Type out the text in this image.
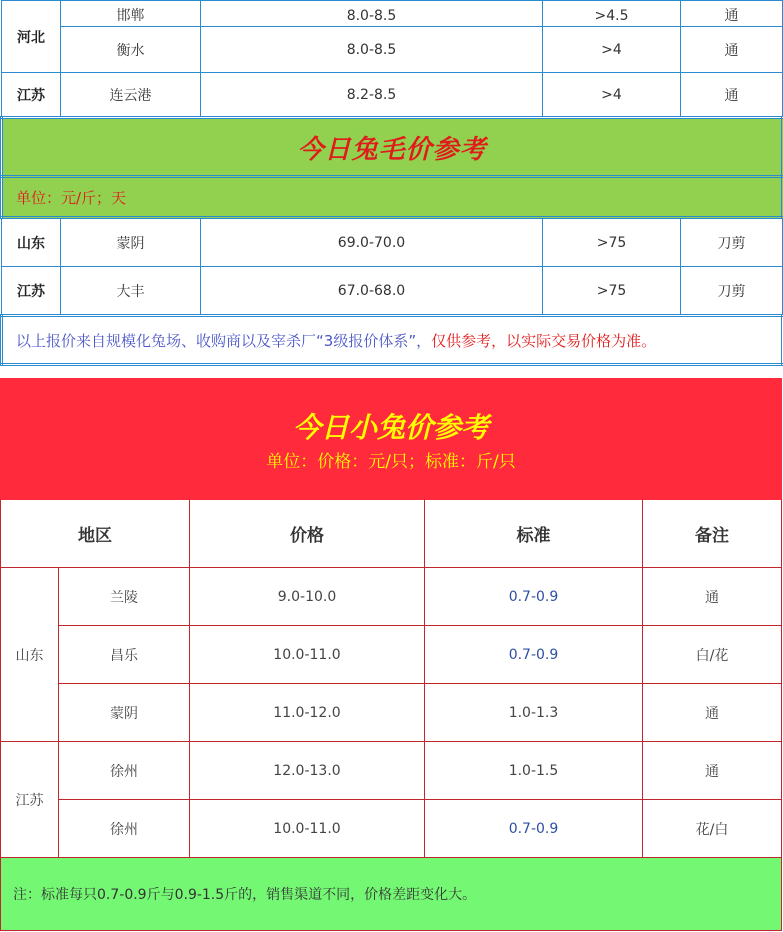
河北	邯郸	8.0-8.5	>4.5	通
	衡水	8.0-8.5	>4	通
江苏	连云港	8.2-8.5	>4	通
今日兔毛价参考				
单位：元/斤；天				
山东	蒙阴	69.0-70.0	>75	刀剪
江苏	大丰	67.0-68.0	>75	刀剪
以上报价来自规模化兔场、收购商以及宰杀厂“3级报价体系”，仅供参考，以实际交易价格为准。				
今日小兔价参考
单位：价格：元/只；标准：斤/只				

地区		价格	标准	备注
山东	兰陵	9.0-10.0	0.7-0.9	通
	昌乐	10.0-11.0	0.7-0.9	白/花
	蒙阴	11.0-12.0	1.0-1.3	通
江苏	徐州	12.0-13.0	1.0-1.5	通
	徐州	10.0-11.0	0.7-0.9	花/白
注：标准每只0.7-0.9斤与0.9-1.5斤的，销售渠道不同，价格差距变化大。				
